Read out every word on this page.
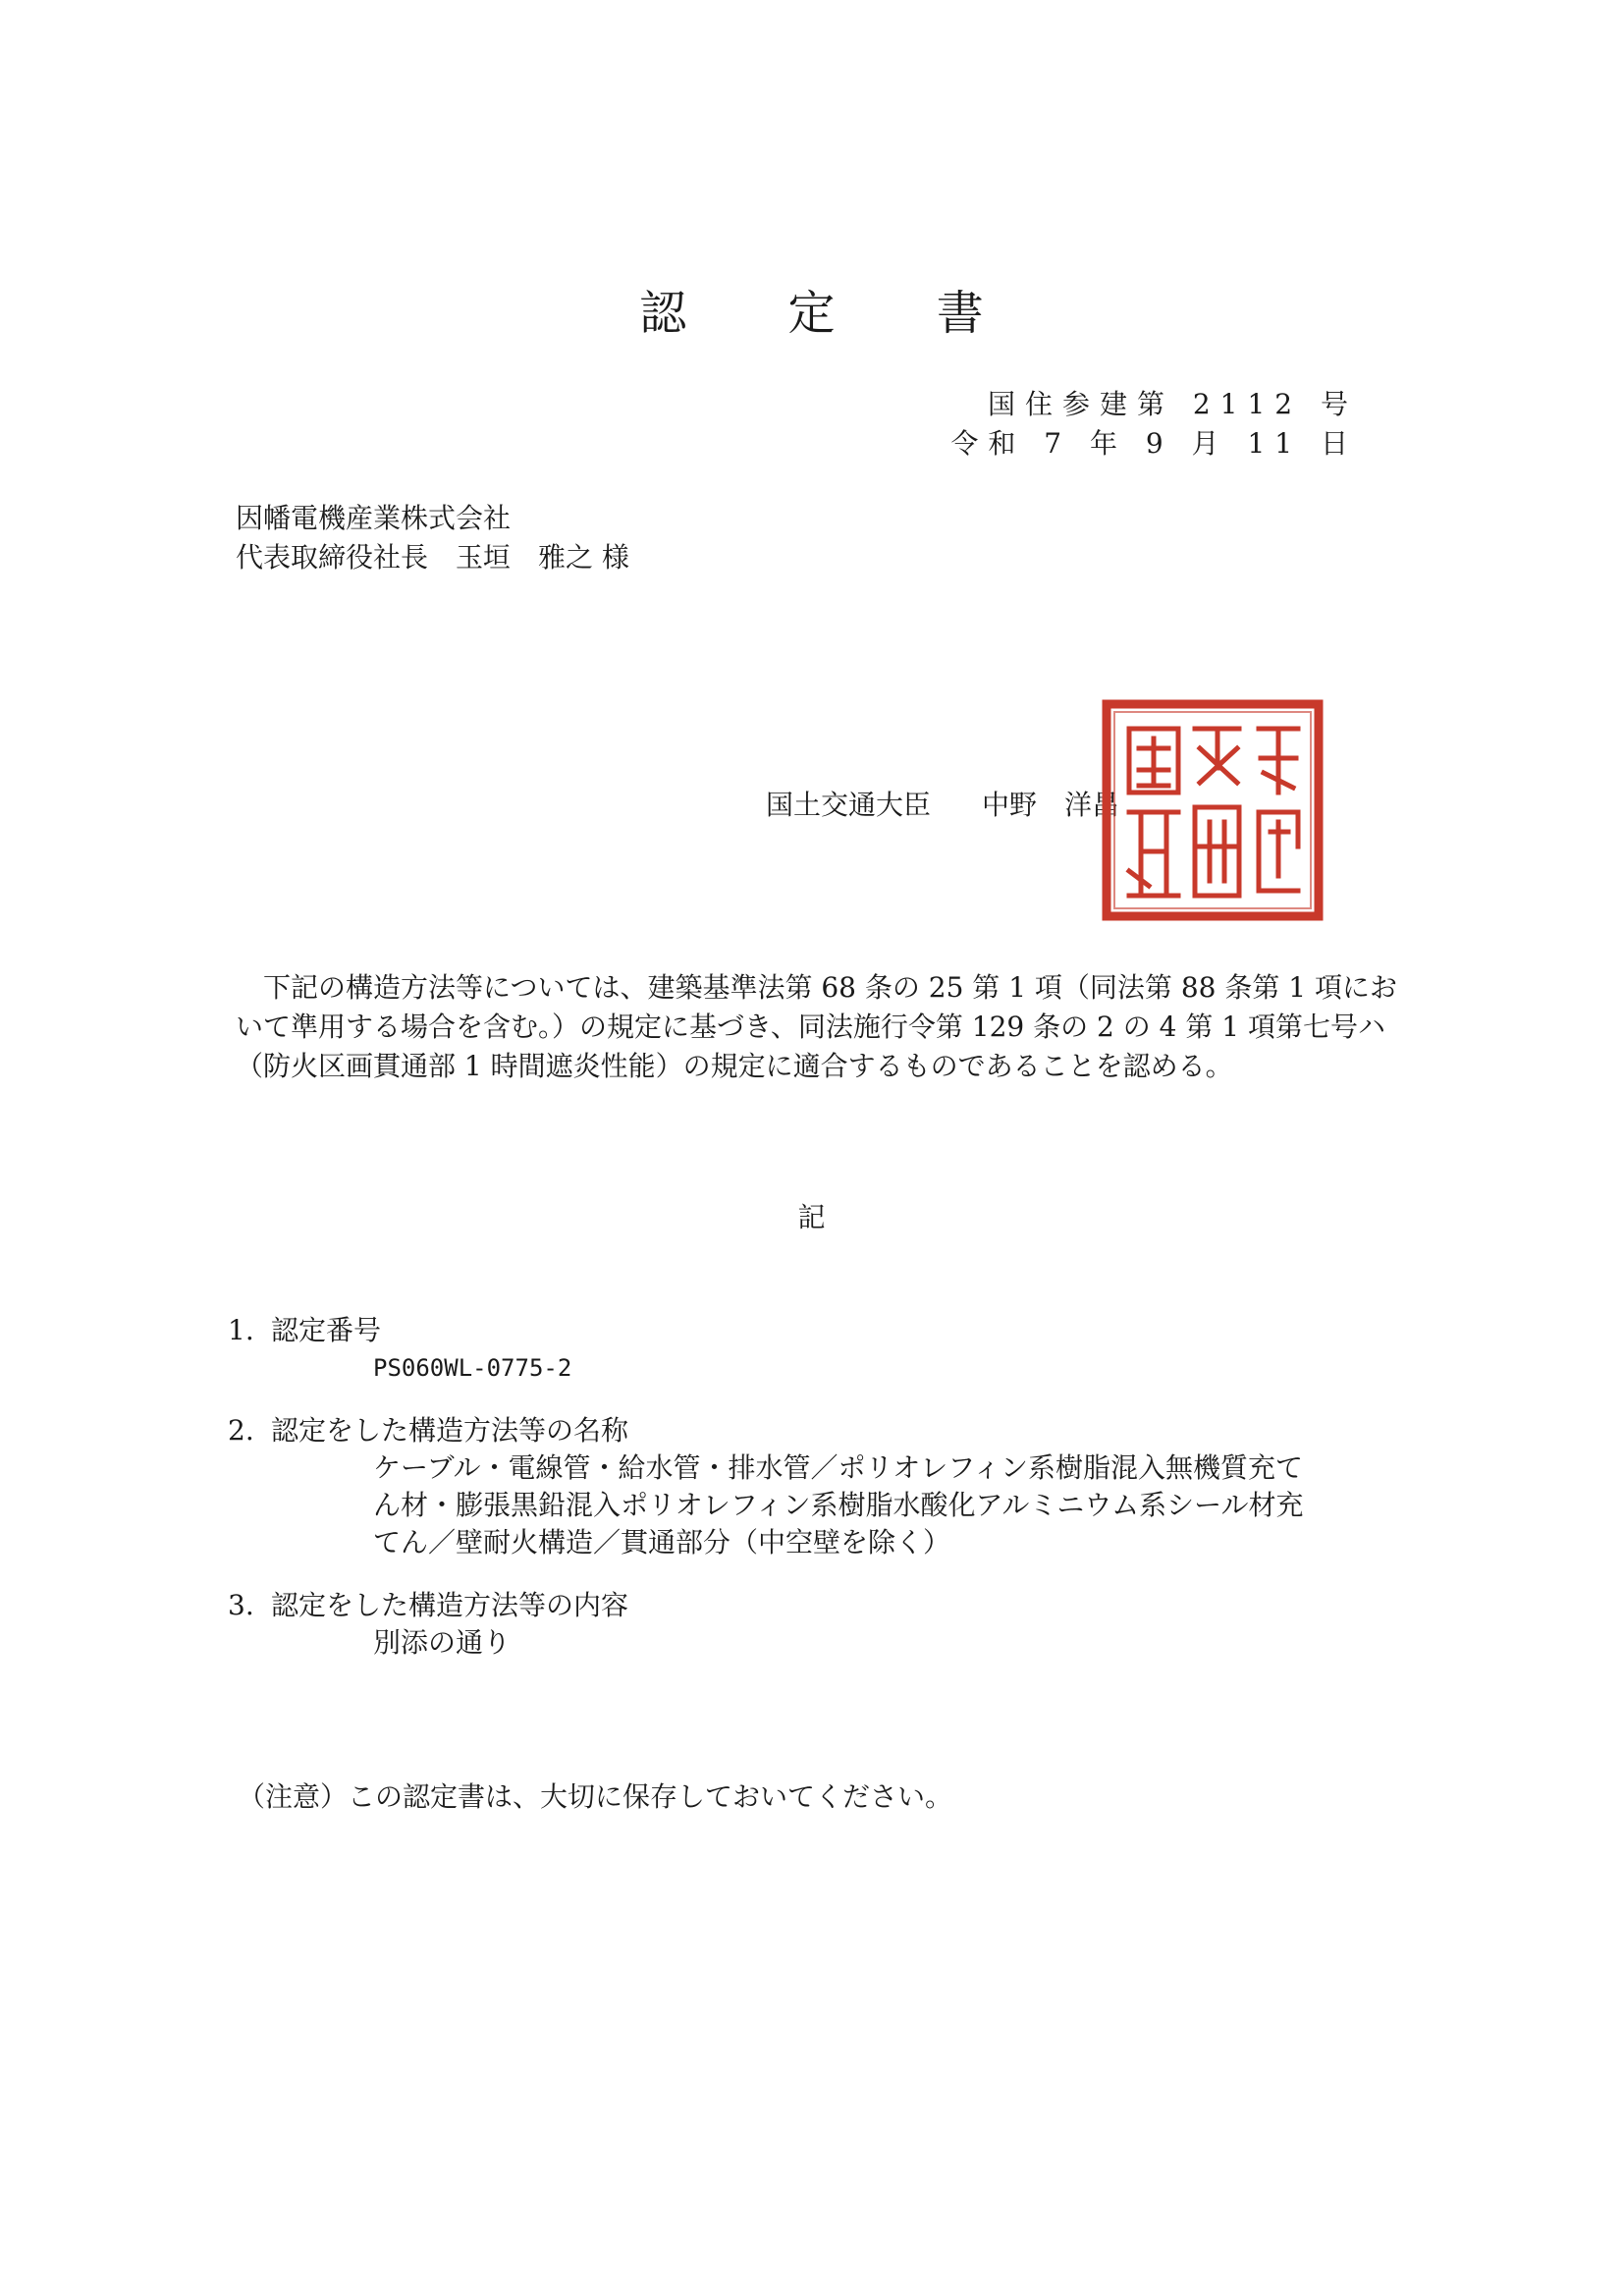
認 定 書
国住参建第 2112 号
令和 7 年 9 月 11 日
因幡電機産業株式会社
代表取締役社長　玉垣　雅之 様
国土交通大臣 中野　洋昌

　下記の構造方法等については、建築基準法第 68 条の 25 第 1 項（同法第 88 条第 1 項にお

いて準用する場合を含む。）の規定に基づき、同法施行令第 129 条の 2 の 4 第 1 項第七号ハ

（防火区画貫通部 1 時間遮炎性能）の規定に適合するものであることを認める。

記
1. 認定番号
PS060WL-0775-2
2. 認定をした構造方法等の名称
ケーブル・電線管・給水管・排水管／ポリオレフィン系樹脂混入無機質充て
ん材・膨張黒鉛混入ポリオレフィン系樹脂水酸化アルミニウム系シール材充
てん／壁耐火構造／貫通部分（中空壁を除く）
3. 認定をした構造方法等の内容
別添の通り
（注意）この認定書は、大切に保存しておいてください。
